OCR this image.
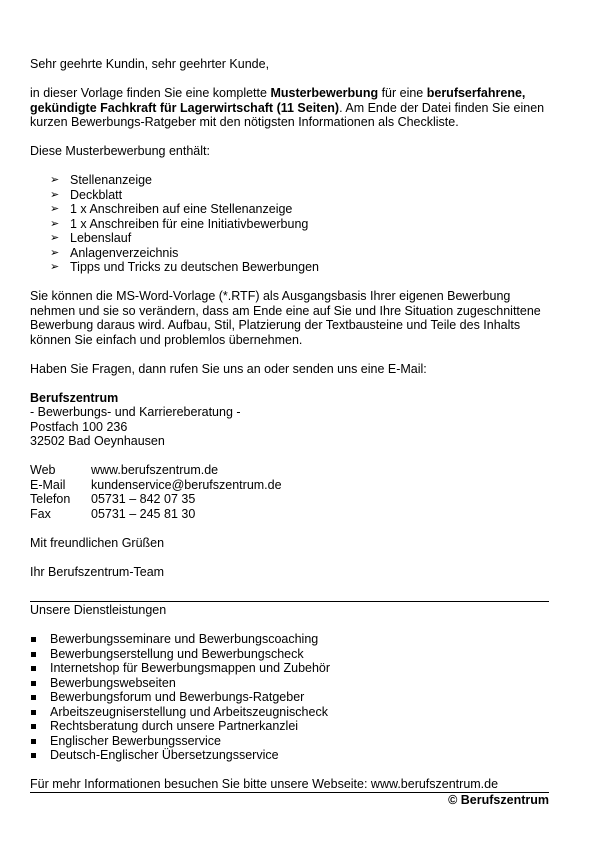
Sehr geehrte Kundin, sehr geehrter Kunde,

in dieser Vorlage finden Sie eine komplette Musterbewerbung für eine berufserfahrene, gekündigte Fachkraft für Lagerwirtschaft (11 Seiten). Am Ende der Datei finden Sie einen kurzen Bewerbungs-Ratgeber mit den nötigsten Informationen als Checkliste.

Diese Musterbewerbung enthält:

➢ Stellenanzeige
➢ Deckblatt
➢ 1 x Anschreiben auf eine Stellenanzeige
➢ 1 x Anschreiben für eine Initiativbewerbung
➢ Lebenslauf
➢ Anlagenverzeichnis
➢ Tipps und Tricks zu deutschen Bewerbungen

Sie können die MS-Word-Vorlage (*.RTF) als Ausgangsbasis Ihrer eigenen Bewerbung nehmen und sie so verändern, dass am Ende eine auf Sie und Ihre Situation zugeschnittene Bewerbung daraus wird. Aufbau, Stil, Platzierung der Textbausteine und Teile des Inhalts können Sie einfach und problemlos übernehmen.

Haben Sie Fragen, dann rufen Sie uns an oder senden uns eine E-Mail:

Berufszentrum

- Bewerbungs- und Karriereberatung -

Postfach 100 236

32502 Bad Oeynhausen

Web	www.berufszentrum.de
E-Mail	kundenservice@berufszentrum.de
Telefon	05731 – 842 07 35
Fax	05731 – 245 81 30

Mit freundlichen Grüßen

Ihr Berufszentrum-Team

Unsere Dienstleistungen

Bewerbungsseminare und Bewerbungscoaching
Bewerbungserstellung und Bewerbungscheck
Internetshop für Bewerbungsmappen und Zubehör
Bewerbungswebseiten
Bewerbungsforum und Bewerbungs-Ratgeber
Arbeitszeugniserstellung und Arbeitszeugnischeck
Rechtsberatung durch unsere Partnerkanzlei
Englischer Bewerbungsservice
Deutsch-Englischer Übersetzungsservice

Für mehr Informationen besuchen Sie bitte unsere Webseite: www.berufszentrum.de

© Berufszentrum
